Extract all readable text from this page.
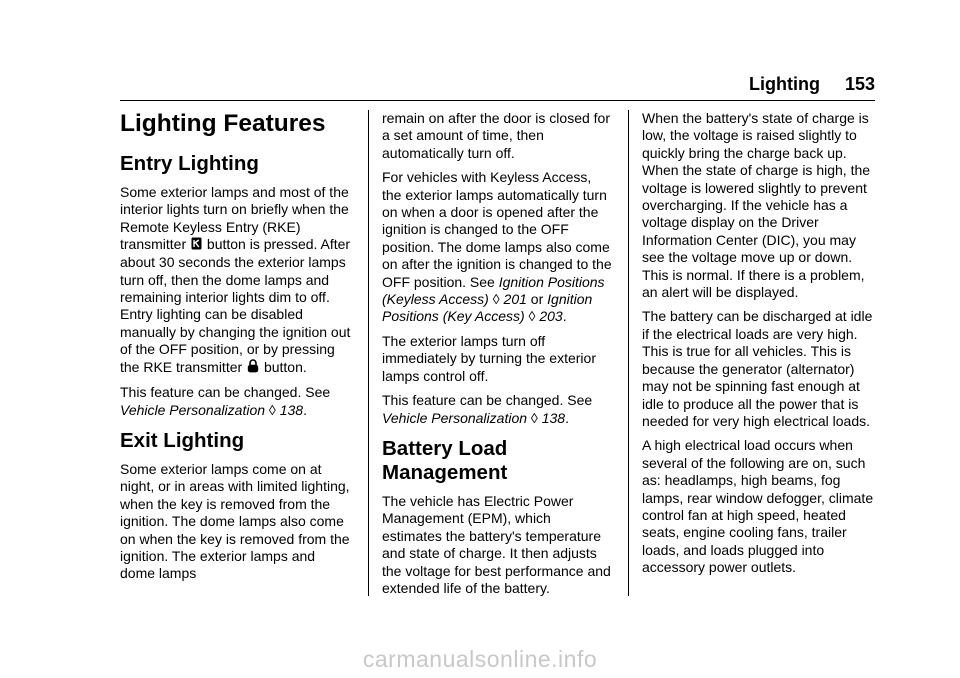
Lighting 153
Lighting Features
Entry Lighting

Some exterior lamps and most of the interior lights turn on briefly when the Remote Keyless Entry (RKE) transmitter button is pressed. After about 30 seconds the exterior lamps turn off, then the dome lamps and remaining interior lights dim to off. Entry lighting can be disabled manually by changing the ignition out of the OFF position, or by pressing the RKE transmitter button.

This feature can be changed. See Vehicle Personalization ◊ 138.

Exit Lighting

Some exterior lamps come on at night, or in areas with limited lighting, when the key is removed from the ignition. The dome lamps also come on when the key is removed from the ignition. The exterior lamps and dome lamps

remain on after the door is closed for a set amount of time, then automatically turn off.

For vehicles with Keyless Access, the exterior lamps automatically turn on when a door is opened after the ignition is changed to the OFF position. The dome lamps also come on after the ignition is changed to the OFF position. See Ignition Positions (Keyless Access) ◊ 201 or Ignition Positions (Key Access) ◊ 203.

The exterior lamps turn off immediately by turning the exterior lamps control off.

This feature can be changed. See Vehicle Personalization ◊ 138.

Battery Load Management

The vehicle has Electric Power Management (EPM), which estimates the battery's temperature and state of charge. It then adjusts the voltage for best performance and extended life of the battery.

When the battery's state of charge is low, the voltage is raised slightly to quickly bring the charge back up. When the state of charge is high, the voltage is lowered slightly to prevent overcharging. If the vehicle has a voltage display on the Driver Information Center (DIC), you may see the voltage move up or down. This is normal. If there is a problem, an alert will be displayed.

The battery can be discharged at idle if the electrical loads are very high. This is true for all vehicles. This is because the generator (alternator) may not be spinning fast enough at idle to produce all the power that is needed for very high electrical loads.

A high electrical load occurs when several of the following are on, such as: headlamps, high beams, fog lamps, rear window defogger, climate control fan at high speed, heated seats, engine cooling fans, trailer loads, and loads plugged into accessory power outlets.

carmanualsonline.info
